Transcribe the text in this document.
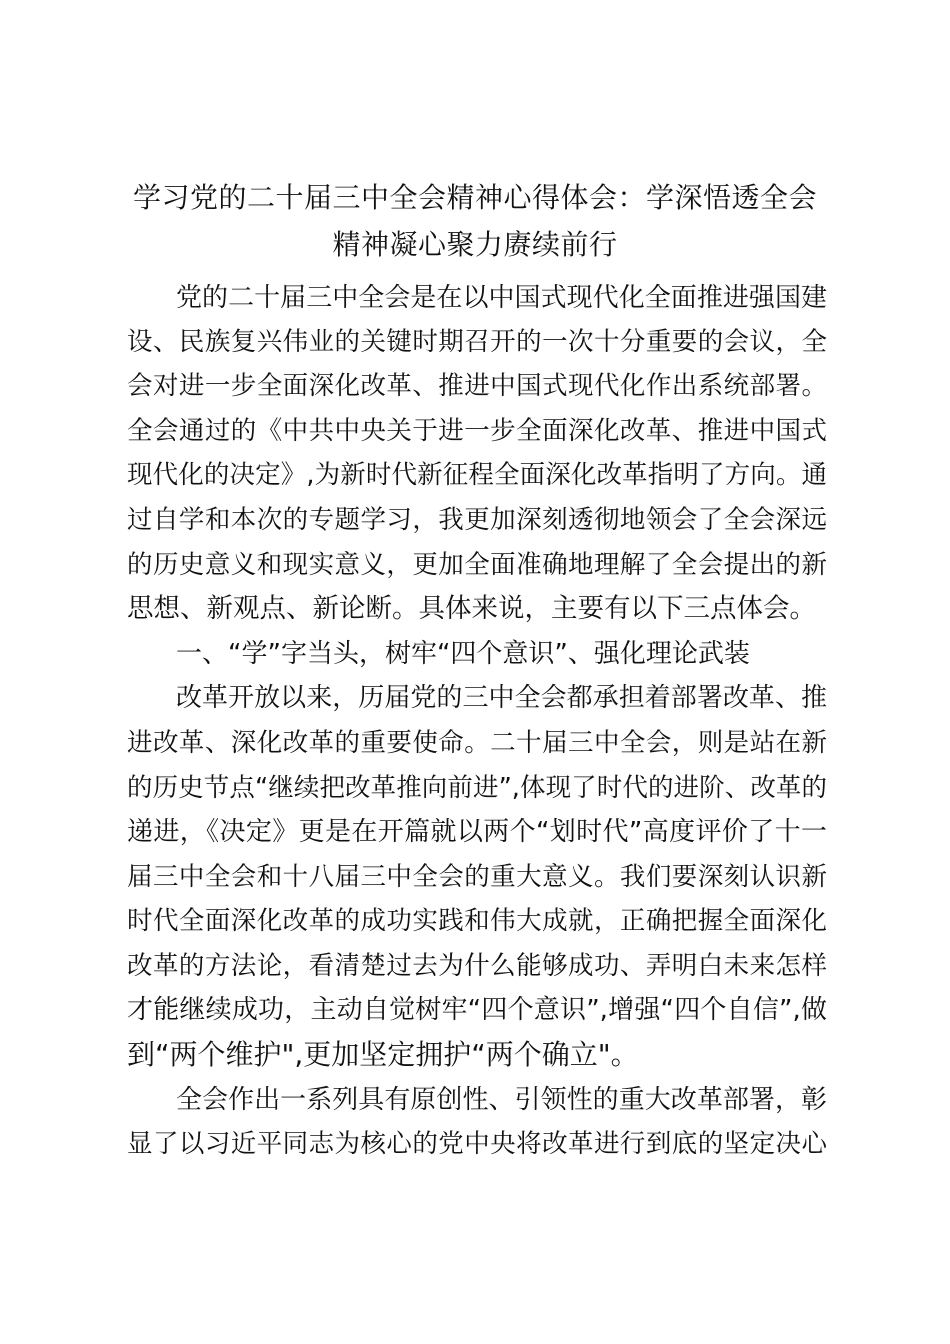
学习党的二十届三中全会精神心得体会：学深悟透全会
精神凝心聚力赓续前行

党的二十届三中全会是在以中国式现代化全面推进强国建

设、民族复兴伟业的关键时期召开的一次十分重要的会议，全

会对进一步全面深化改革、推进中国式现代化作出系统部署。

全会通过的《中共中央关于进一步全面深化改革、推进中国式

现代化的决定》,为新时代新征程全面深化改革指明了方向。通

过自学和本次的专题学习，我更加深刻透彻地领会了全会深远

的历史意义和现实意义，更加全面准确地理解了全会提出的新

思想、新观点、新论断。具体来说，主要有以下三点体会。

一、“学”字当头，树牢“四个意识”、强化理论武装

改革开放以来，历届党的三中全会都承担着部署改革、推

进改革、深化改革的重要使命。二十届三中全会，则是站在新

的历史节点“继续把改革推向前进”,体现了时代的进阶、改革的

递进，《决定》更是在开篇就以两个“划时代”高度评价了十一

届三中全会和十八届三中全会的重大意义。我们要深刻认识新

时代全面深化改革的成功实践和伟大成就，正确把握全面深化

改革的方法论，看清楚过去为什么能够成功、弄明白未来怎样

才能继续成功，主动自觉树牢“四个意识”,增强“四个自信”,做

到“两个维护",更加坚定拥护“两个确立"。

全会作出一系列具有原创性、引领性的重大改革部署，彰

显了以习近平同志为核心的党中央将改革进行到底的坚定决心
